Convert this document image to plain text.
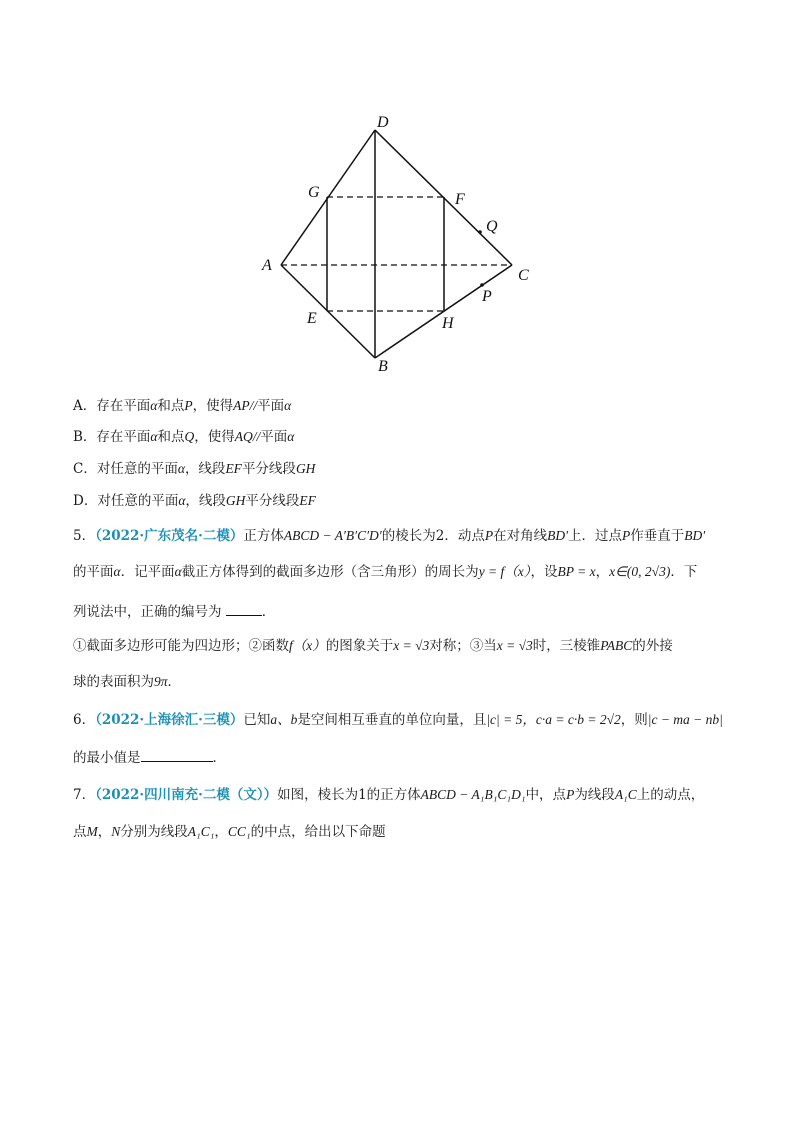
A
B
C
D
E
F
G
H
P
Q
A．存在平面α和点P，使得AP//平面α
B．存在平面α和点Q，使得AQ//平面α
C．对任意的平面α，线段EF平分线段GH
D．对任意的平面α，线段GH平分线段EF
5．（2022·广东茂名·二模）正方体ABCD − A′B′C′D′的棱长为2．动点P在对角线BD′上．过点P作垂直于BD′
的平面α．记平面α截正方体得到的截面多边形（含三角形）的周长为y = f（x），设BP = x，x∈(0, 2√3)．下
列说法中，正确的编号为	．
①截面多边形可能为四边形；②函数f（x）的图象关于x = √3对称；③当x = √3时，三棱锥PABC的外接
球的表面积为9π．
6．（2022·上海徐汇·三模）已知a、b是空间相互垂直的单位向量，且|c| = 5，c·a = c·b = 2√2，则|c − ma − nb|
的最小值是	．
7．（2022·四川南充·二模（文））如图，棱长为1的正方体ABCD − A₁B₁C₁D₁中，点P为线段A₁C上的动点，
点M，N分别为线段A₁C₁，CC₁的中点，给出以下命题
